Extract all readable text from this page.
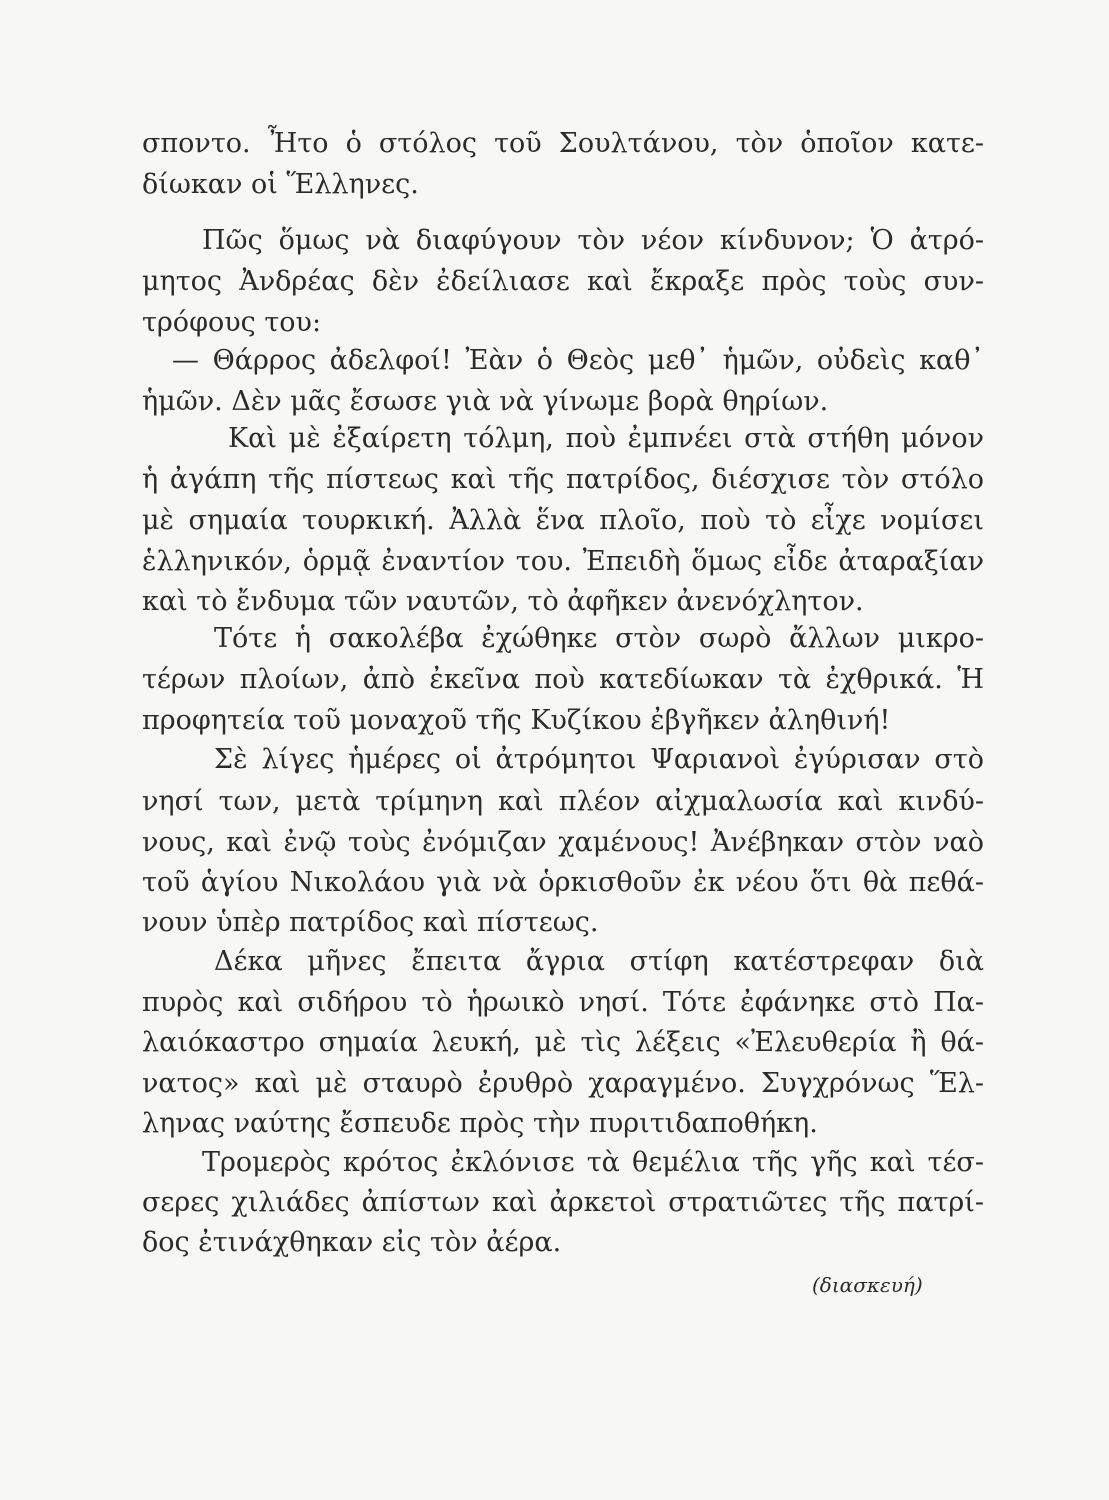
σποντο. Ἦτο ὁ στόλος τοῦ Σουλτάνου, τὸν ὁποῖον κατε-
δίωκαν οἱ Ἕλληνες.
Πῶς ὅμως νὰ διαφύγουν τὸν νέον κίνδυνον; Ὁ ἀτρό-
μητος Ἀνδρέας δὲν ἐδείλιασε καὶ ἔκραξε πρὸς τοὺς συν-
τρόφους του:
— Θάρρος ἀδελφοί! Ἐὰν ὁ Θεὸς μεθ᾽ ἡμῶν, οὐδεὶς καθ᾽
ἡμῶν. Δὲν μᾶς ἔσωσε γιὰ νὰ γίνωμε βορὰ θηρίων.
Καὶ μὲ ἐξαίρετη τόλμη, ποὺ ἐμπνέει στὰ στήθη μόνον
ἡ ἀγάπη τῆς πίστεως καὶ τῆς πατρίδος, διέσχισε τὸν στόλο
μὲ σημαία τουρκική. Ἀλλὰ ἕνα πλοῖο, ποὺ τὸ εἶχε νομίσει
ἑλληνικόν, ὁρμᾷ ἐναντίον του. Ἐπειδὴ ὅμως εἶδε ἀταραξίαν
καὶ τὸ ἔνδυμα τῶν ναυτῶν, τὸ ἀφῆκεν ἀνενόχλητον.
Τότε ἡ σακολέβα ἐχώθηκε στὸν σωρὸ ἄλλων μικρο-
τέρων πλοίων, ἀπὸ ἐκεῖνα ποὺ κατεδίωκαν τὰ ἐχθρικά. Ἡ
προφητεία τοῦ μοναχοῦ τῆς Κυζίκου ἐβγῆκεν ἀληθινή!
Σὲ λίγες ἡμέρες οἱ ἀτρόμητοι Ψαριανοὶ ἐγύρισαν στὸ
νησί των, μετὰ τρίμηνη καὶ πλέον αἰχμαλωσία καὶ κινδύ-
νους, καὶ ἐνῷ τοὺς ἐνόμιζαν χαμένους! Ἀνέβηκαν στὸν ναὸ
τοῦ ἁγίου Νικολάου γιὰ νὰ ὁρκισθοῦν ἐκ νέου ὅτι θὰ πεθά-
νουν ὑπὲρ πατρίδος καὶ πίστεως.
Δέκα μῆνες ἔπειτα ἄγρια στίφη κατέστρεφαν διὰ
πυρὸς καὶ σιδήρου τὸ ἡρωικὸ νησί. Τότε ἐφάνηκε στὸ Πα-
λαιόκαστρο σημαία λευκή, μὲ τὶς λέξεις «Ἐλευθερία ἢ θά-
νατος» καὶ μὲ σταυρὸ ἐρυθρὸ χαραγμένο. Συγχρόνως Ἕλ-
ληνας ναύτης ἔσπευδε πρὸς τὴν πυριτιδαποθήκη.
Τρομερὸς κρότος ἐκλόνισε τὰ θεμέλια τῆς γῆς καὶ τέσ-
σερες χιλιάδες ἀπίστων καὶ ἀρκετοὶ στρατιῶτες τῆς πατρί-
δος ἐτινάχθηκαν εἰς τὸν ἀέρα.
(διασκευή)
